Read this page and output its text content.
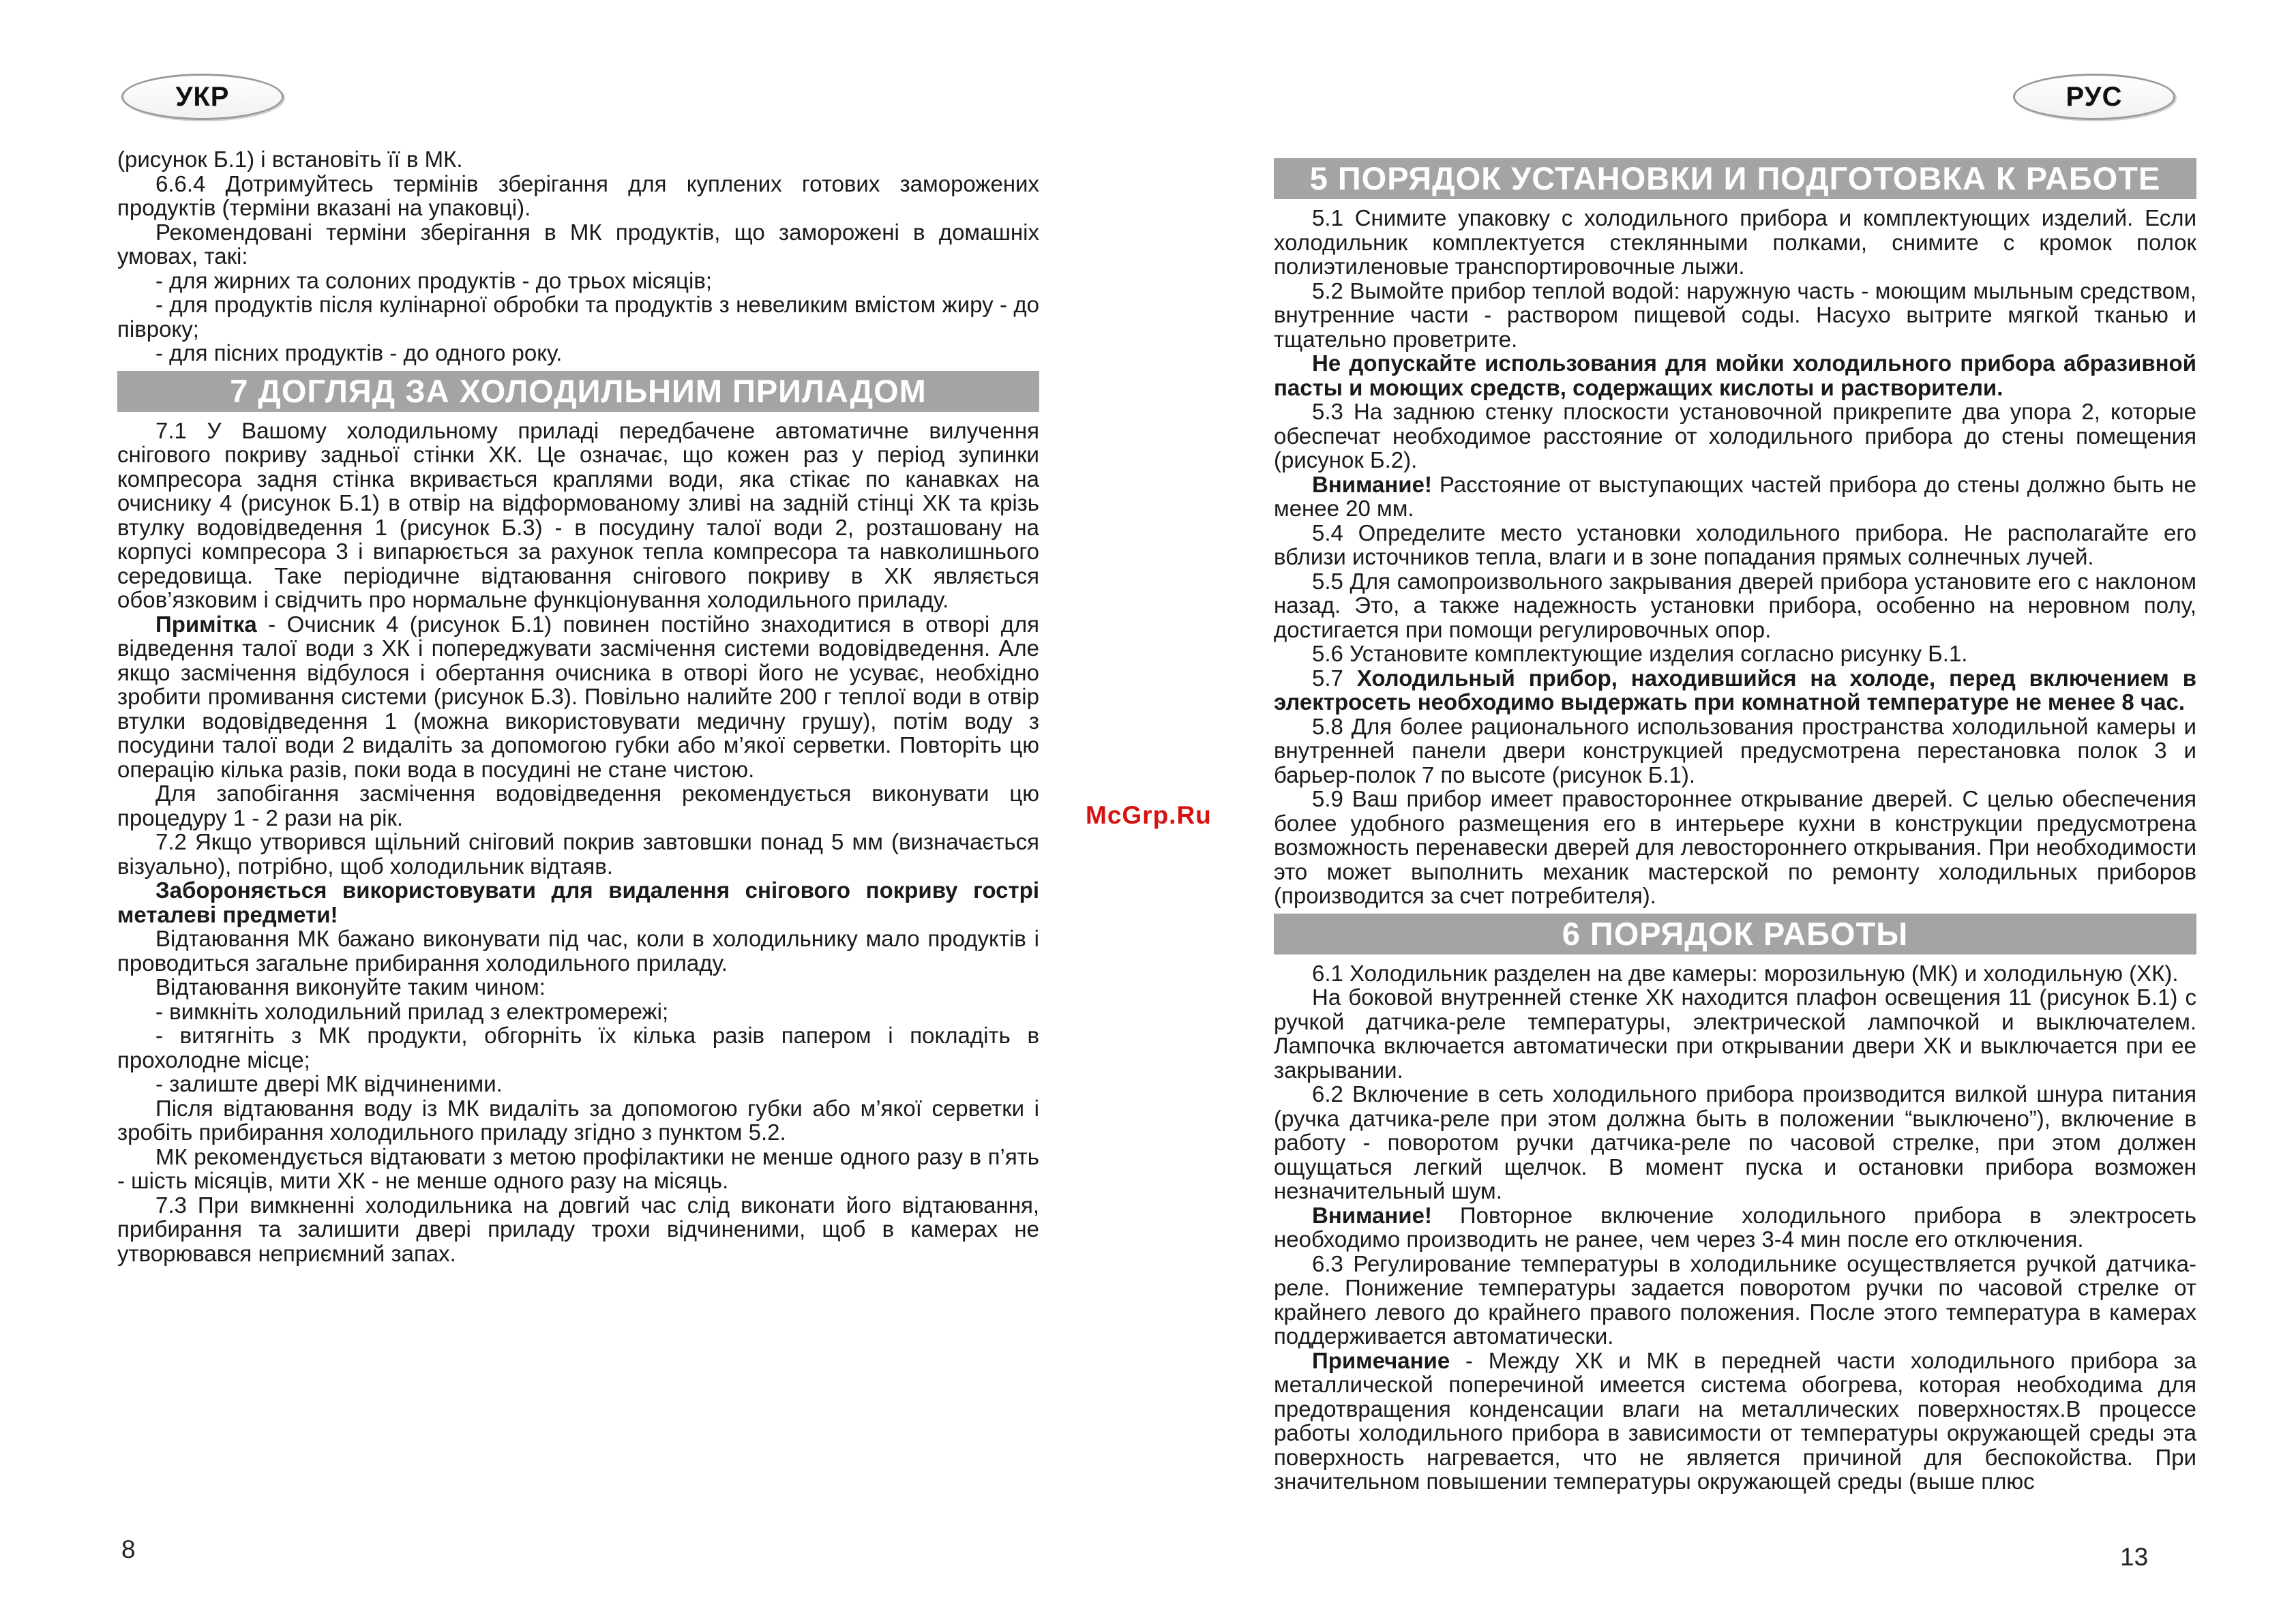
УКР

(рисунок Б.1) і встановіть її в МК.

6.6.4 Дотримуйтесь термінів зберігання для куплених готових заморожених продуктів (терміни вказані на упаковці).

Рекомендовані терміни зберігання в МК продуктів, що заморожені в домашніх умовах, такі:

- для жирних та солоних продуктів - до трьох місяців;

- для продуктів після кулінарної обробки та продуктів з невеликим вмістом жиру - до півроку;

- для пісних продуктів - до одного року.

7 ДОГЛЯД ЗА ХОЛОДИЛЬНИМ ПРИЛАДОМ

7.1 У Вашому холодильному приладі передбачене автоматичне вилучення снігового покриву задньої стінки ХК. Це означає, що кожен раз у період зупинки компресора задня стінка вкривається краплями води, яка стікає по канавках на очиснику 4 (рисунок Б.1) в отвір на відформованому зливі на задній стінці ХК та крізь втулку водовідведення 1 (рисунок Б.3) - в посудину талої води 2, розташовану на корпусі компресора 3 і випарюється за рахунок тепла компресора та навколишнього середовища. Таке періодичне відтаювання снігового покриву в ХК являється обов’язковим і свідчить про нормальне функціонування холодильного приладу.

Примітка - Очисник 4 (рисунок Б.1) повинен постійно знаходитися в отворі для відведення талої води з ХК і попереджувати засмічення системи водовідведення. Але якщо засмічення відбулося і обертання очисника в отворі його не усуває, необхідно зробити промивання системи (рисунок Б.3). Повільно налийте 200 г теплої води в отвір втулки водовідведення 1 (можна використовувати медичну грушу), потім воду з посудини талої води 2 видаліть за допомогою губки або м’якої серветки. Повторіть цю операцію кілька разів, поки вода в посудині не стане чистою.

Для запобігання засмічення водовідведення рекомендується виконувати цю процедуру 1 - 2 рази на рік.

7.2 Якщо утворився щільний сніговий покрив завтовшки понад 5 мм (визначається візуально), потрібно, щоб холодильник відтаяв.

Забороняється використовувати для видалення снігового покриву гострі металеві предмети!

Відтаювання МК бажано виконувати під час, коли в холодильнику мало продуктів і проводиться загальне прибирання холодильного приладу.

Відтаювання виконуйте таким чином:

- вимкніть холодильний прилад з електромережі;

- витягніть з МК продукти, обгорніть їх кілька разів папером і покладіть в прохолодне місце;

- залиште двері МК відчиненими.

Після відтаювання воду із МК видаліть за допомогою губки або м’якої серветки і зробіть прибирання холодильного приладу згідно з пунктом 5.2.

МК рекомендується відтаювати з метою профілактики не менше одного разу в п’ять - шість місяців, мити ХК - не менше одного разу на місяць.

7.3 При вимкненні холодильника на довгий час слід виконати його відтаювання, прибирання та залишити двері приладу трохи відчиненими, щоб в камерах не утворювався неприємний запах.

8
McGrp.Ru
РУС
5 ПОРЯДОК УСТАНОВКИ И ПОДГОТОВКА К РАБОТЕ

5.1 Снимите упаковку с холодильного прибора и комплектующих изделий. Если холодильник комплектуется стеклянными полками, снимите с кромок полок полиэтиленовые транспортировочные лыжи.

5.2 Вымойте прибор теплой водой: наружную часть - моющим мыльным средством, внутренние части - раствором пищевой соды. Насухо вытрите мягкой тканью и тщательно проветрите.

Не допускайте использования для мойки холодильного прибора абразивной пасты и моющих средств, содержащих кислоты и растворители.

5.3 На заднюю стенку плоскости установочной прикрепите два упора 2, которые обеспечат необходимое расстояние от холодильного прибора до стены помещения (рисунок Б.2).

Внимание! Расстояние от выступающих частей прибора до стены должно быть не менее 20 мм.

5.4 Определите место установки холодильного прибора. Не располагайте его вблизи источников тепла, влаги и в зоне попадания прямых солнечных лучей.

5.5 Для самопроизвольного закрывания дверей прибора установите его с наклоном назад. Это, а также надежность установки прибора, особенно на неровном полу, достигается при помощи регулировочных опор.

5.6 Установите комплектующие изделия согласно рисунку Б.1.

5.7 Холодильный прибор, находившийся на холоде, перед включением в электросеть необходимо выдержать при комнатной температуре не менее 8 час.

5.8 Для более рационального использования пространства холодильной камеры и внутренней панели двери конструкцией предусмотрена перестановка полок 3 и барьер-полок 7 по высоте (рисунок Б.1).

5.9 Ваш прибор имеет правостороннее открывание дверей. С целью обеспечения более удобного размещения его в интерьере кухни в конструкции предусмотрена возможность перенавески дверей для левостороннего открывания. При необходимости это может выполнить механик мастерской по ремонту холодильных приборов (производится за счет потребителя).

6 ПОРЯДОК РАБОТЫ

6.1 Холодильник разделен на две камеры: морозильную (МК) и холодильную (ХК).

На боковой внутренней стенке ХК находится плафон освещения 11 (рисунок Б.1) с ручкой датчика-реле температуры, электрической лампочкой и выключателем. Лампочка включается автоматически при открывании двери ХК и выключается при ее закрывании.

6.2 Включение в сеть холодильного прибора производится вилкой шнура питания (ручка датчика-реле при этом должна быть в положении “выключено”), включение в работу - поворотом ручки датчика-реле по часовой стрелке, при этом должен ощущаться легкий щелчок. В момент пуска и остановки прибора возможен незначительный шум.

Внимание! Повторное включение холодильного прибора в электросеть необходимо производить не ранее, чем через 3-4 мин после его отключения.

6.3 Регулирование температуры в холодильнике осуществляется ручкой датчика-реле. Понижение температуры задается поворотом ручки по часовой стрелке от крайнего левого до крайнего правого положения. После этого температура в камерах поддерживается автоматически.

Примечание - Между ХК и МК в передней части холодильного прибора за металлической поперечиной имеется система обогрева, которая необходима для предотвращения конденсации влаги на металлических поверхностях.В процессе работы холодильного прибора в зависимости от температуры окружающей среды эта поверхность нагревается, что не является причиной для беспокойства. При значительном повышении температуры окружающей среды (выше плюс

13
